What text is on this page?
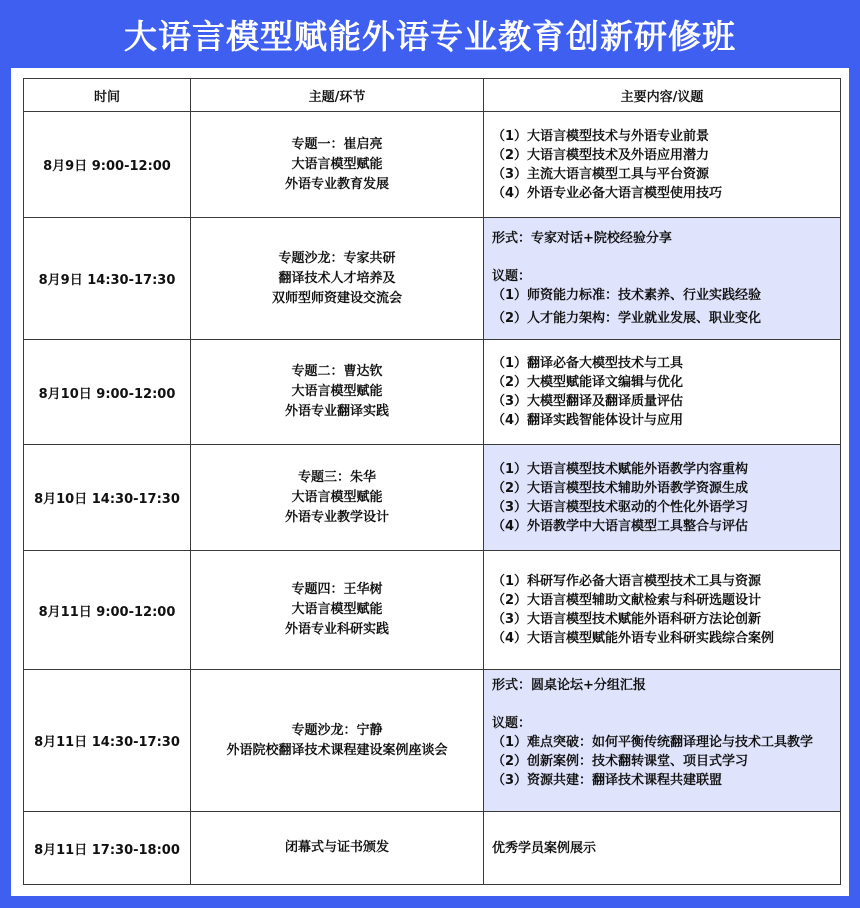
大语言模型赋能外语专业教育创新研修班
时间	主题/环节	主要内容/议题
8月9日 9:00-12:00	专题一：崔启亮
大语言模型赋能
外语专业教育发展	（1）大语言模型技术与外语专业前景
（2）大语言模型技术及外语应用潜力
（3）主流大语言模型工具与平台资源
（4）外语专业必备大语言模型使用技巧

8月9日 14:30-17:30	专题沙龙：专家共研
翻译技术人才培养及
双师型师资建设交流会	形式：专家对话+院校经验分享
议题：
（1）师资能力标准：技术素养、行业实践经验
（2）人才能力架构：学业就业发展、职业变化

8月10日 9:00-12:00	专题二：曹达钦
大语言模型赋能
外语专业翻译实践	（1）翻译必备大模型技术与工具
（2）大模型赋能译文编辑与优化
（3）大模型翻译及翻译质量评估
（4）翻译实践智能体设计与应用

8月10日 14:30-17:30	专题三：朱华
大语言模型赋能
外语专业教学设计	（1）大语言模型技术赋能外语教学内容重构
（2）大语言模型技术辅助外语教学资源生成
（3）大语言模型技术驱动的个性化外语学习
（4）外语教学中大语言模型工具整合与评估

8月11日 9:00-12:00	专题四：王华树
大语言模型赋能
外语专业科研实践	（1）科研写作必备大语言模型技术工具与资源
（2）大语言模型辅助文献检索与科研选题设计
（3）大语言模型技术赋能外语科研方法论创新
（4）大语言模型赋能外语专业科研实践综合案例

8月11日 14:30-17:30	专题沙龙：宁静
外语院校翻译技术课程建设案例座谈会	形式：圆桌论坛+分组汇报
议题：
（1）难点突破：如何平衡传统翻译理论与技术工具教学
（2）创新案例：技术翻转课堂、项目式学习
（3）资源共建：翻译技术课程共建联盟

8月11日 17:30-18:00	闭幕式与证书颁发	优秀学员案例展示
